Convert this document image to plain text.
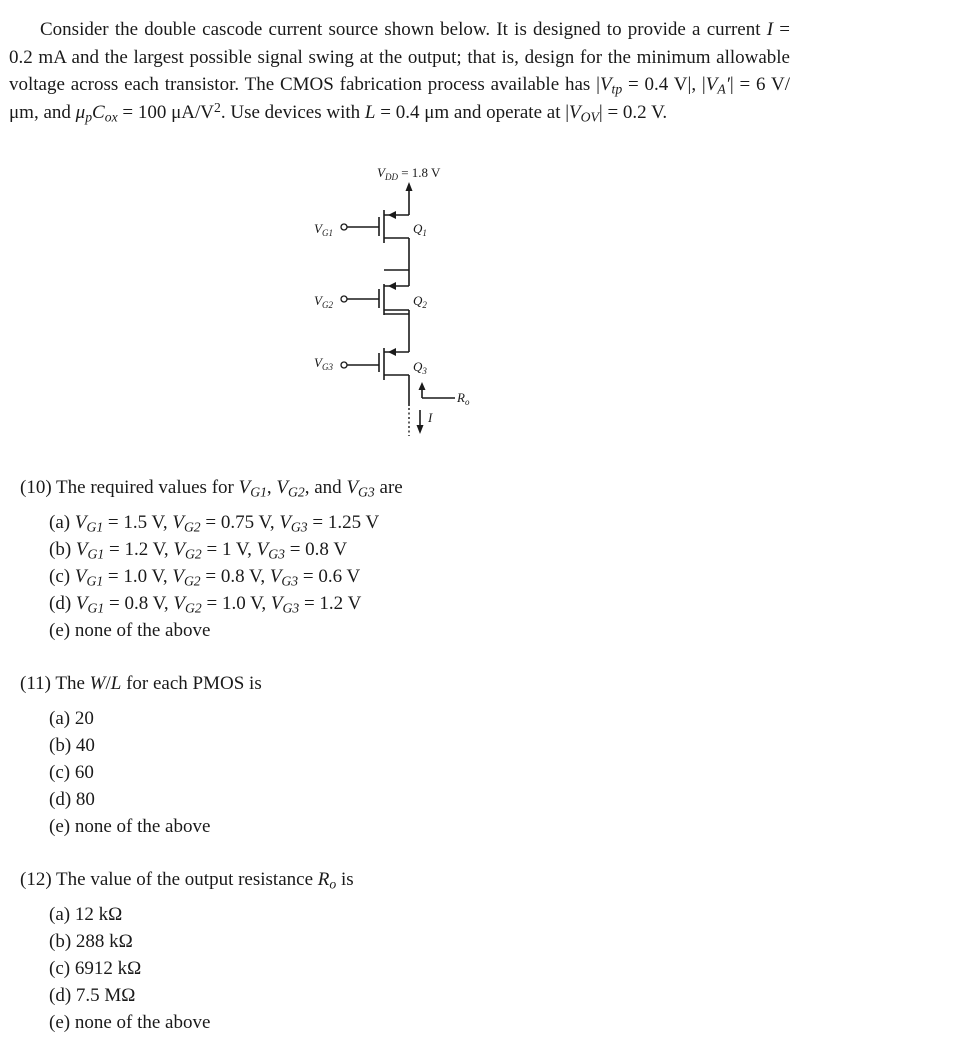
Consider the double cascode current source shown below. It is designed to provide a current I = 0.2 mA and the largest possible signal swing at the output; that is, design for the minimum allowable voltage across each transistor. The CMOS fabrication process available has $|V_{tp} = 0.4$ V|, $|V_A'| = 6$ V/μm, and $\mu_pC_{ox} = 100$ $\mu A/V^2$. Use devices with L = 0.4 μm and operate at $|V_{OV}| = 0.2$ V.
$V_{DD} = 1.8$ V
$V_{G1}$
$V_{G2}$
$V_{G3}$
$Q_1$
$Q_2$
$Q_3$
$R_o$
I
(10) The required values for $V_{G1}$, $V_{G2}$, and $V_{G3}$ are
(a) $V_{G1} = 1.5$ V, $V_{G2} = 0.75$ V, $V_{G3} = 1.25$ V
(b) $V_{G1} = 1.2$ V, $V_{G2} = 1$ V, $V_{G3} = 0.8$ V
(c) $V_{G1} = 1.0$ V, $V_{G2} = 0.8$ V, $V_{G3} = 0.6$ V
(d) $V_{G1} = 0.8$ V, $V_{G2} = 1.0$ V, $V_{G3} = 1.2$ V
(e) none of the above
(11) The W/L for each PMOS is
(a) 20
(b) 40
(c) 60
(d) 80
(e) none of the above
(12) The value of the output resistance $R_o$ is
(a) 12 kΩ
(b) 288 kΩ
(c) 6912 kΩ
(d) 7.5 MΩ
(e) none of the above
